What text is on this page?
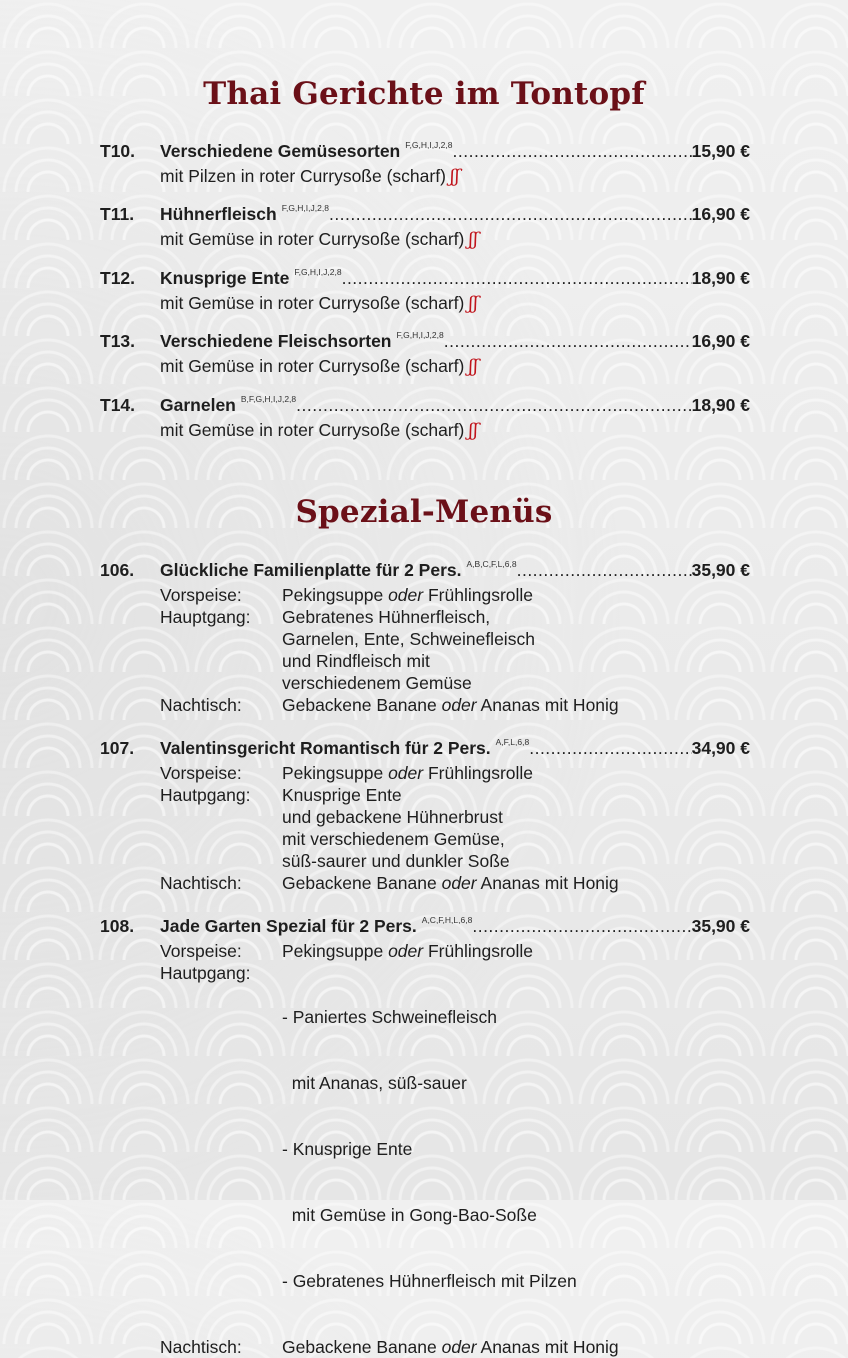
Thai Gerichte im Tontopf
T10.	Verschiedene Gemüsesorten F,G,H,I,J,2,8 .....	15,90 €
mit Pilzen in roter Currysoße (scharf) ʃʃ
T11.	Hühnerfleisch F,G,H,I,J,2,8 .....	16,90 €
mit Gemüse in roter Currysoße (scharf) ʃʃ
T12.	Knusprige Ente F,G,H,I,J,2,8 .....	18,90 €
mit Gemüse in roter Currysoße (scharf) ʃʃ
T13.	Verschiedene Fleischsorten F,G,H,I,J,2,8 .....	16,90 €
mit Gemüse in roter Currysoße (scharf) ʃʃ
T14.	Garnelen B,F,G,H,I,J,2,8 .....	18,90 €
mit Gemüse in roter Currysoße (scharf) ʃʃ
Spezial-Menüs
106.	Glückliche Familienplatte für 2 Pers. A,B,C,F,L,6,8 .....	35,90 €
Vorspeise:	Pekingsuppe oder Frühlingsrolle
Hauptgang:	Gebratenes Hühnerfleisch,
Garnelen, Ente, Schweinefleisch
und Rindfleisch mit
verschiedenem Gemüse
Nachtisch:	Gebackene Banane oder Ananas mit Honig
107.	Valentinsgericht Romantisch für 2 Pers. A,F,L,6,8 .....	34,90 €
Vorspeise:	Pekingsuppe oder Frühlingsrolle
Hautpgang:	Knusprige Ente
und gebackene Hühnerbrust
mit verschiedenem Gemüse,
süß-saurer und dunkler Soße
Nachtisch:	Gebackene Banane oder Ananas mit Honig
108.	Jade Garten Spezial für 2 Pers. A,C,F,H,L,6,8 .....	35,90 €
Vorspeise:	Pekingsuppe oder Frühlingsrolle
Hautpgang:

- Paniertes Schweinefleisch

mit Ananas, süß-sauer

- Knusprige Ente

mit Gemüse in Gong-Bao-Soße

- Gebratenes Hühnerfleisch mit Pilzen

Nachtisch:	Gebackene Banane oder Ananas mit Honig
